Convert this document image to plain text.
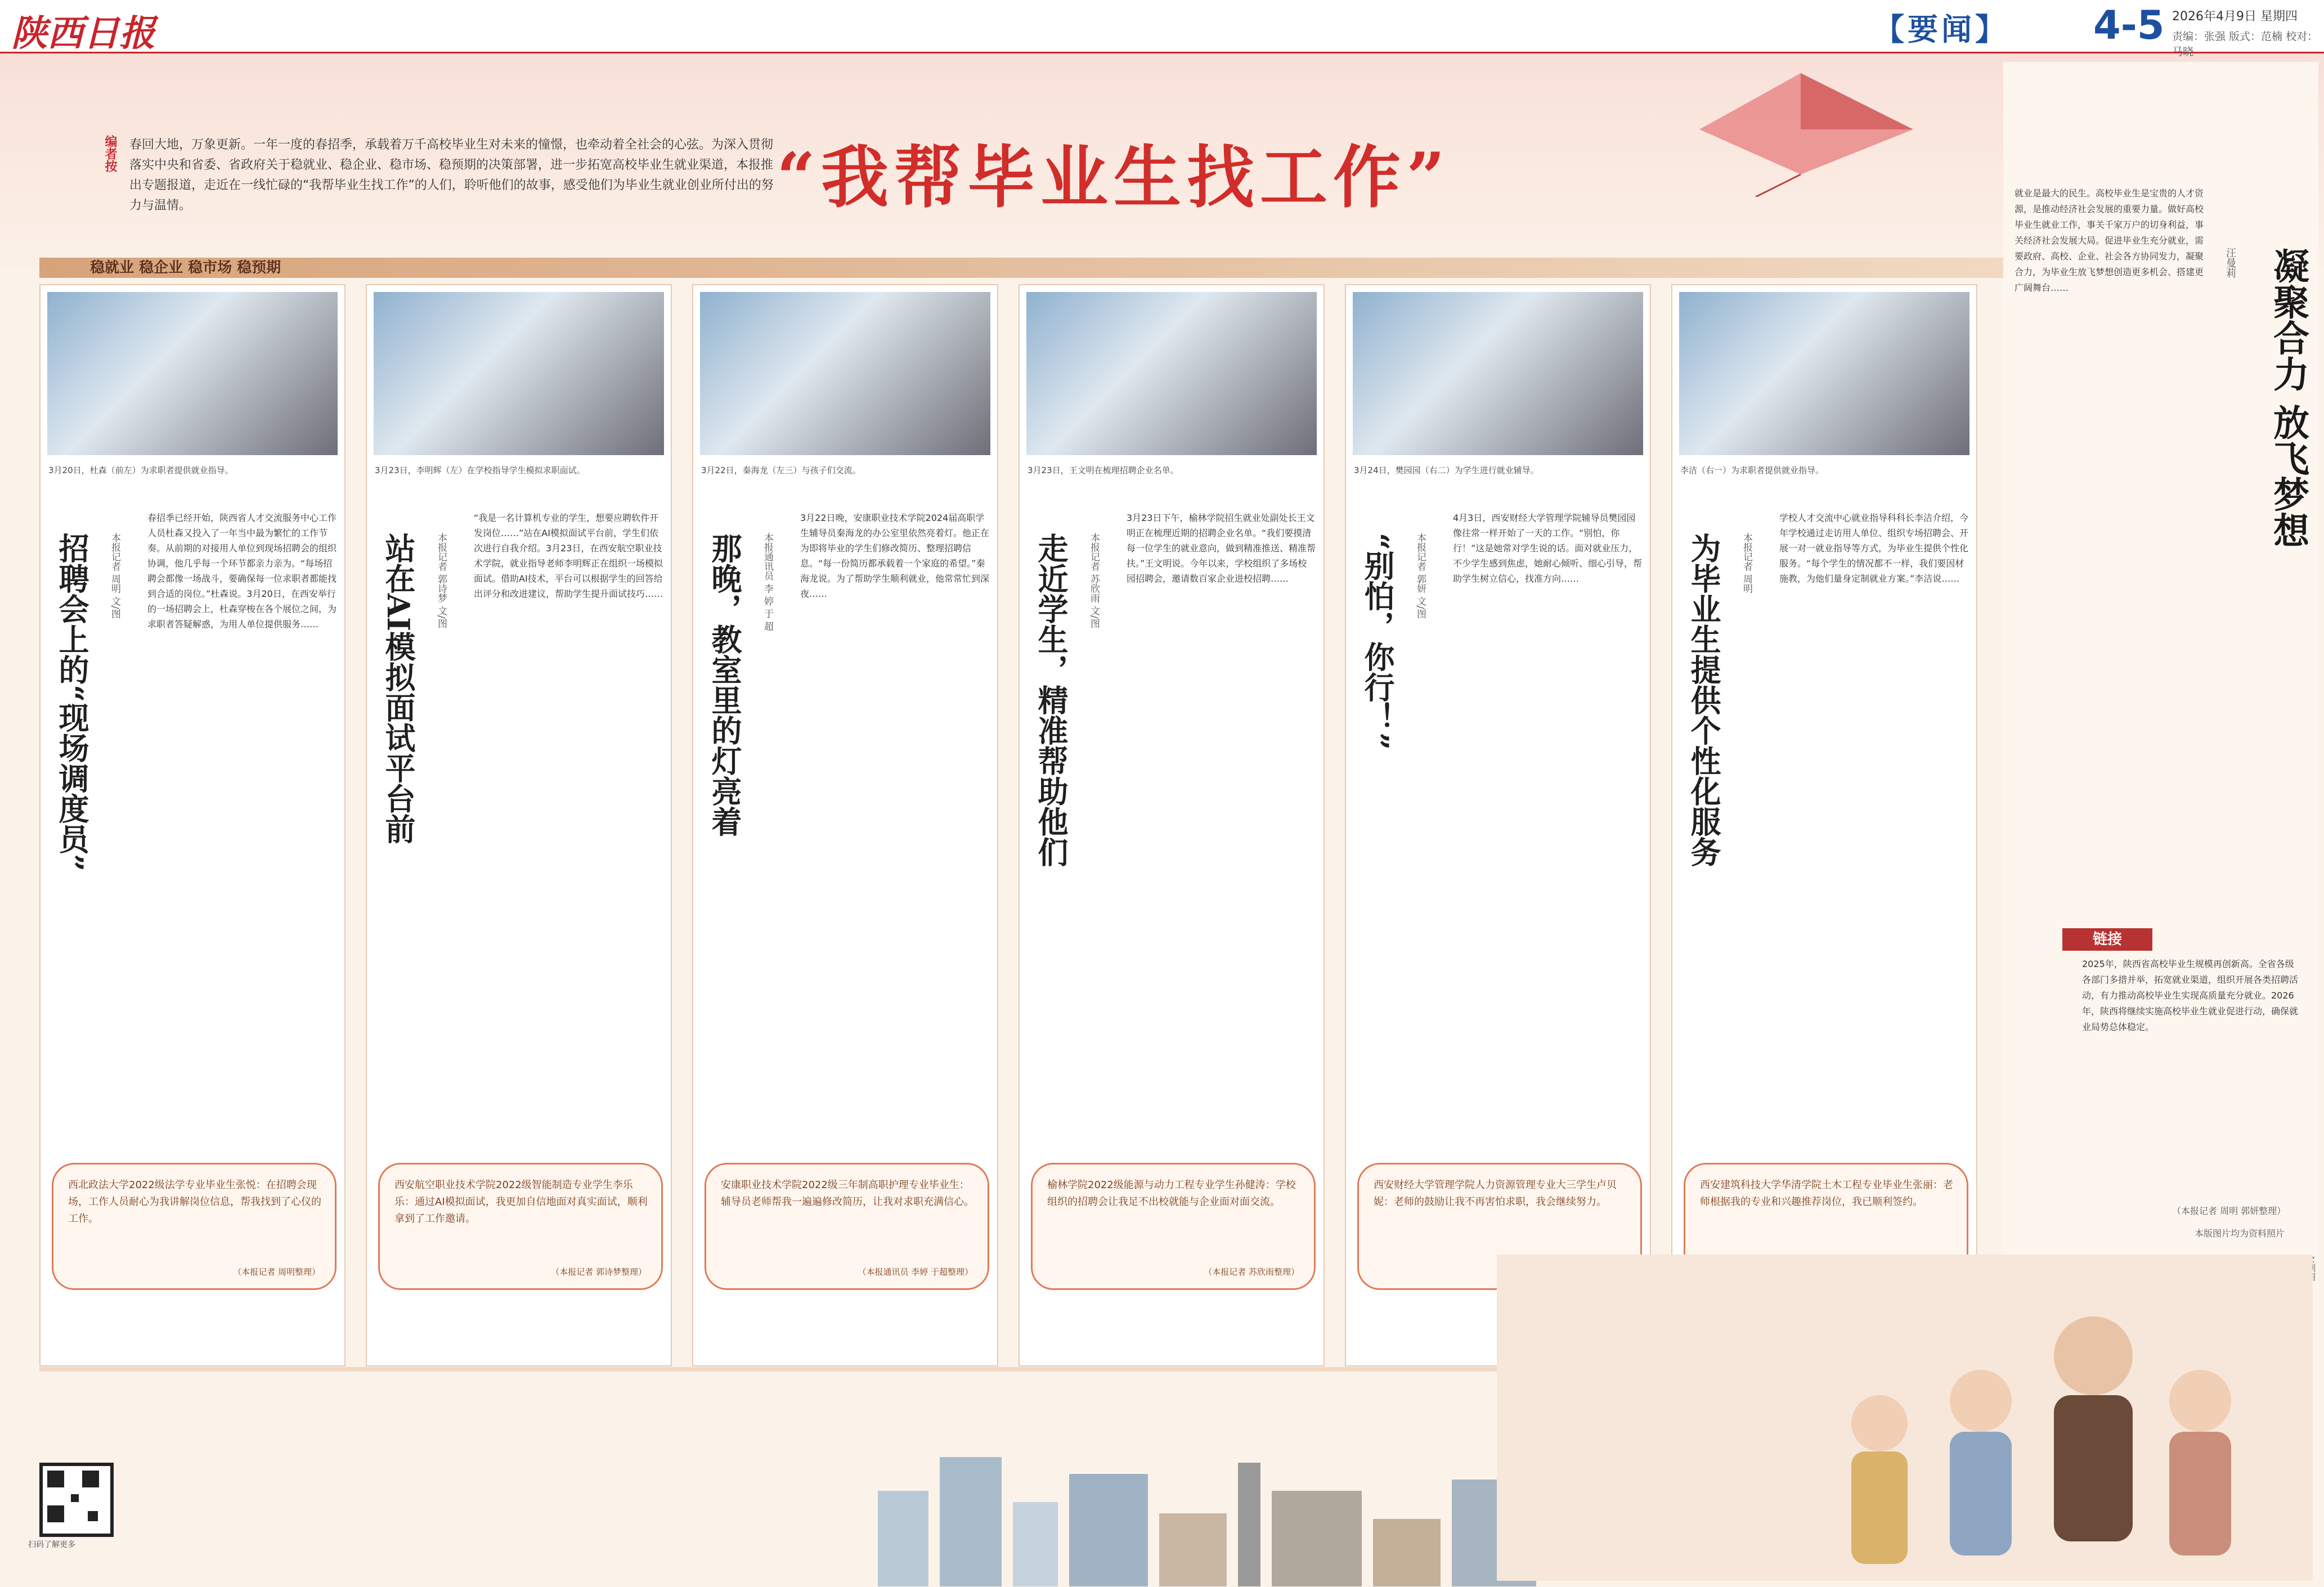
陕西日报	【要闻】 4-5 2026年4月9日 星期四
责编：张强 版式：范楠 校对：马晓
编者按 春回大地，万象更新。一年一度的春招季，承载着万千高校毕业生对未来的憧憬，也牵动着全社会的心弦。为深入贯彻落实中央和省委、省政府关于稳就业、稳企业、稳市场、稳预期的决策部署，进一步拓宽高校毕业生就业渠道，本报推出专题报道，走近在一线忙碌的“我帮毕业生找工作”的人们，聆听他们的故事，感受他们为毕业生就业创业所付出的努力与温情。	“我帮毕业生找工作”
稳就业 稳企业 稳市场 稳预期
3月20日，杜森（前左）为求职者提供就业指导。
招聘会上的“现场调度员”	本报记者 周明 文/图
春招季已经开始，陕西省人才交流服务中心工作人员杜森又投入了一年当中最为繁忙的工作节奏。从前期的对接用人单位到现场招聘会的组织协调，他几乎每一个环节都亲力亲为。“每场招聘会都像一场战斗，要确保每一位求职者都能找到合适的岗位。”杜森说。3月20日，在西安举行的一场招聘会上，杜森穿梭在各个展位之间，为求职者答疑解惑，为用人单位提供服务……
西北政法大学2022级法学专业毕业生张悦：在招聘会现场，工作人员耐心为我讲解岗位信息，帮我找到了心仪的工作。
（本报记者 周明整理）
3月23日，李明辉（左）在学校指导学生模拟求职面试。
站在AI模拟面试平台前	本报记者 郭诗梦 文/图
“我是一名计算机专业的学生，想要应聘软件开发岗位……”站在AI模拟面试平台前，学生们依次进行自我介绍。3月23日，在西安航空职业技术学院，就业指导老师李明辉正在组织一场模拟面试。借助AI技术，平台可以根据学生的回答给出评分和改进建议，帮助学生提升面试技巧……
西安航空职业技术学院2022级智能制造专业学生李乐乐：通过AI模拟面试，我更加自信地面对真实面试，顺利拿到了工作邀请。
（本报记者 郭诗梦整理）
3月22日，秦海龙（左三）与孩子们交流。
那晚，教室里的灯亮着	本报通讯员 李 婷 于 超
3月22日晚，安康职业技术学院2024届高职学生辅导员秦海龙的办公室里依然亮着灯。他正在为即将毕业的学生们修改简历、整理招聘信息。“每一份简历都承载着一个家庭的希望。”秦海龙说。为了帮助学生顺利就业，他常常忙到深夜……
安康职业技术学院2022级三年制高职护理专业毕业生：辅导员老师帮我一遍遍修改简历，让我对求职充满信心。
（本报通讯员 李婷 于超整理）
3月23日，王文明在梳理招聘企业名单。
走近学生，精准帮助他们	本报记者 苏欣雨 文/图
3月23日下午，榆林学院招生就业处副处长王文明正在梳理近期的招聘企业名单。“我们要摸清每一位学生的就业意向，做到精准推送、精准帮扶。”王文明说。今年以来，学校组织了多场校园招聘会，邀请数百家企业进校招聘……
榆林学院2022级能源与动力工程专业学生孙健涛：学校组织的招聘会让我足不出校就能与企业面对面交流。
（本报记者 苏欣雨整理）
3月24日，樊园园（右二）为学生进行就业辅导。
“别怕，你行！”	本报记者 郭妍 文/图
4月3日，西安财经大学管理学院辅导员樊园园像往常一样开始了一天的工作。“别怕，你行！”这是她常对学生说的话。面对就业压力，不少学生感到焦虑，她耐心倾听、细心引导，帮助学生树立信心，找准方向……
西安财经大学管理学院人力资源管理专业大三学生卢贝妮：老师的鼓励让我不再害怕求职，我会继续努力。
李洁（右一）为求职者提供就业指导。
为毕业生提供个性化服务	本报记者 周明
学校人才交流中心就业指导科科长李洁介绍，今年学校通过走访用人单位、组织专场招聘会、开展一对一就业指导等方式，为毕业生提供个性化服务。“每个学生的情况都不一样，我们要因材施教，为他们量身定制就业方案。”李洁说……
西安建筑科技大学华清学院土木工程专业毕业生张丽：老师根据我的专业和兴趣推荐岗位，我已顺利签约。
凝聚合力 放飞梦想
汪曼莉
就业是最大的民生。高校毕业生是宝贵的人才资源，是推动经济社会发展的重要力量。做好高校毕业生就业工作，事关千家万户的切身利益，事关经济社会发展大局。促进毕业生充分就业，需要政府、高校、企业、社会各方协同发力，凝聚合力，为毕业生放飞梦想创造更多机会、搭建更广阔舞台……
链接
2025年，陕西省高校毕业生规模再创新高。全省各级各部门多措并举，拓宽就业渠道，组织开展各类招聘活动，有力推动高校毕业生实现高质量充分就业。2026年，陕西将继续实施高校毕业生就业促进行动，确保就业局势总体稳定。
（本报记者 周明 郭妍整理）
本版图片均为资料照片
扫码了解更多
